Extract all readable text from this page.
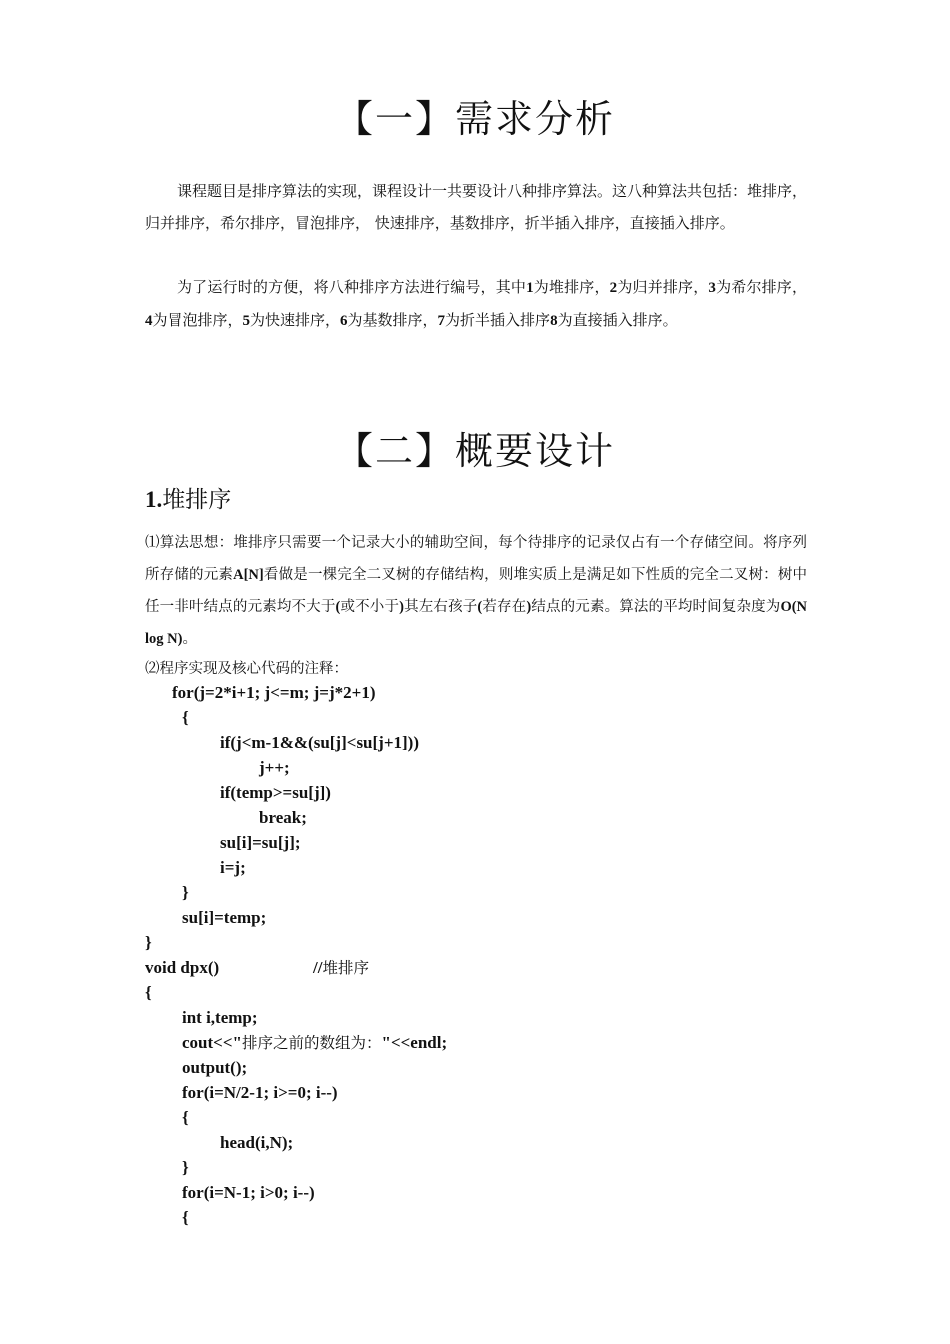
【一】需求分析

课程题目是排序算法的实现，课程设计一共要设计八种排序算法。这八种算法共包括：堆排序，归并排序，希尔排序，冒泡排序， 快速排序，基数排序，折半插入排序，直接插入排序。

为了运行时的方便，将八种排序方法进行编号，其中1为堆排序，2为归并排序，3为希尔排序，4为冒泡排序，5为快速排序，6为基数排序，7为折半插入排序8为直接插入排序。

【二】概要设计
1.堆排序

⑴算法思想：堆排序只需要一个记录大小的辅助空间，每个待排序的记录仅占有一个存储空间。将序列所存储的元素A[N]看做是一棵完全二叉树的存储结构，则堆实质上是满足如下性质的完全二叉树：树中任一非叶结点的元素均不大于(或不小于)其左右孩子(若存在)结点的元素。算法的平均时间复杂度为O(N log N)。

⑵程序实现及核心代码的注释：

for(j=2*i+1; j<=m; j=j*2+1)
{
if(j<m-1&&(su[j]<su[j+1]))
j++;
if(temp>=su[j])
break;
su[i]=su[j];
i=j;
}
su[i]=temp;
}
void dpx()	//堆排序
{
int i,temp;
cout<<"排序之前的数组为："<<endl;
output();
for(i=N/2-1; i>=0; i--)
{
head(i,N);
}
for(i=N-1; i>0; i--)
{
